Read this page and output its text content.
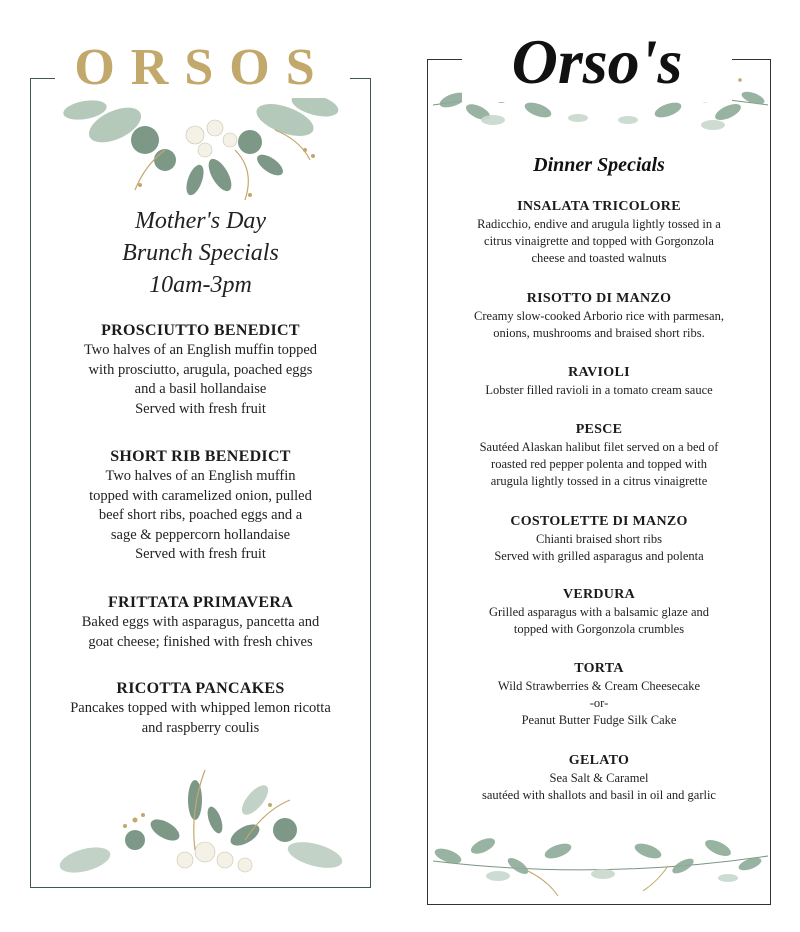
ORSOS
Mother's Day
Brunch Specials
10am-3pm
PROSCIUTTO BENEDICT
Two halves of an English muffin topped
with prosciutto, arugula, poached eggs
and a basil hollandaise
Served with fresh fruit
SHORT RIB BENEDICT
Two halves of an English muffin
topped with caramelized onion, pulled
beef short ribs, poached eggs and a
sage & peppercorn hollandaise
Served with fresh fruit
FRITTATA PRIMAVERA
Baked eggs with asparagus, pancetta and
goat cheese; finished with fresh chives
RICOTTA PANCAKES
Pancakes topped with whipped lemon ricotta
and raspberry coulis
Orso's
Dinner Specials
INSALATA TRICOLORE
Radicchio, endive and arugula lightly tossed in a
citrus vinaigrette and topped with Gorgonzola
cheese and toasted walnuts
RISOTTO DI MANZO
Creamy slow-cooked Arborio rice with parmesan,
onions, mushrooms and braised short ribs.
RAVIOLI
Lobster filled ravioli in a tomato cream sauce
PESCE
Sautéed Alaskan halibut filet served on a bed of
roasted red pepper polenta and topped with
arugula lightly tossed in a citrus vinaigrette
COSTOLETTE DI MANZO
Chianti braised short ribs
Served with grilled asparagus and polenta
VERDURA
Grilled asparagus with a balsamic glaze and
topped with Gorgonzola crumbles
TORTA
Wild Strawberries & Cream Cheesecake
-or-
Peanut Butter Fudge Silk Cake
GELATO
Sea Salt & Caramel
sautéed with shallots and basil in oil and garlic
